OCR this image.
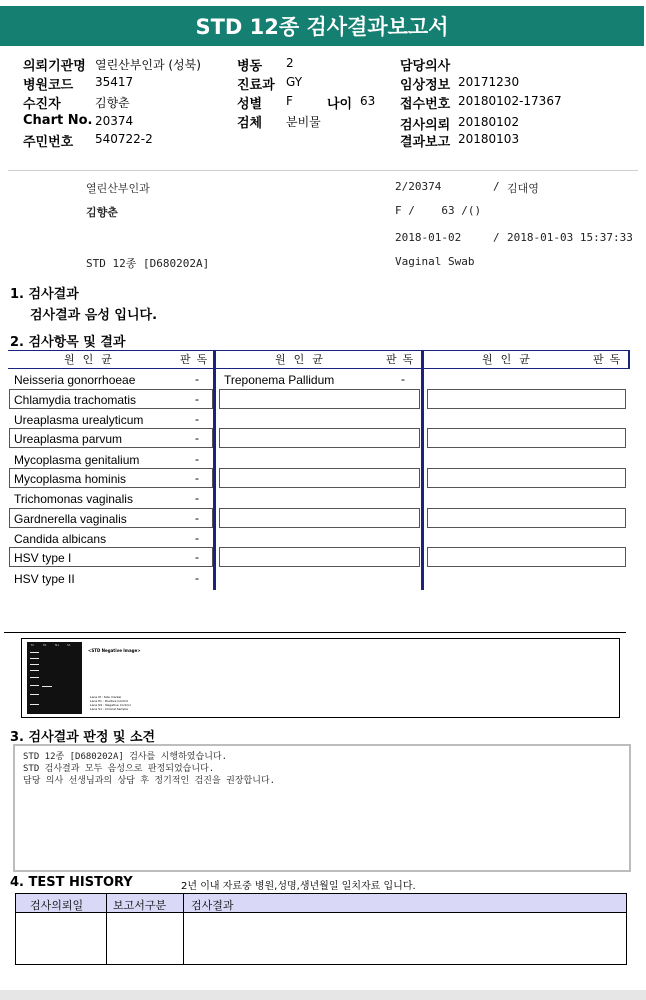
STD 12종 검사결과보고서
의뢰기관명 열린산부인과 (성북)
병원코드 35417
수진자	김향춘
Chart No. 20374
주민번호 540722-2
병동 2
진료과 GY
성별 F	나이 63
검체 분비물
담당의사
임상정보 20171230
접수번호 20180102-17367
검사의뢰 20180102
결과보고 20180103
열린산부인과	2/20374	/ 김대영
김향춘	F /    63 /()
2018-01-02	/ 2018-01-03 15:37:33
STD 12종 [D680202A]	Vaginal Swab
1. 검사결과
검사결과 음성 입니다.
2. 검사항목 및 결과
원인균	판독	원인균	판독	원인균	판독
Neisseria gonorrhoeae	-
Chlamydia trachomatis	-
Ureaplasma urealyticum	-
Ureaplasma parvum	-
Mycoplasma genitalium	-
Mycoplasma hominis	-
Trichomonas vaginalis	-
Gardnerella vaginalis	-
Candida albicans	-
HSV type I	-
HSV type II	-
Treponema Pallidum	-
M	P1	N1	S1
<STD Negative Image>
Lane M : Size marker
Lane P1 : Positive Control
Lane N1 : Negative Control
Lane S1 : Clinical Sample
3. 검사결과 판정 및 소견
STD 12종 [D680202A] 검사를 시행하였습니다.
STD 검사결과 모두 음성으로 판정되었습니다.
담당 의사 선생님과의 상담 후 정기적인 검진을 권장합니다.
4. TEST HISTORY	2년 이내 자료중 병원,성명,생년월일 일치자료 입니다.
검사의뢰일	보고서구분 검사결과
